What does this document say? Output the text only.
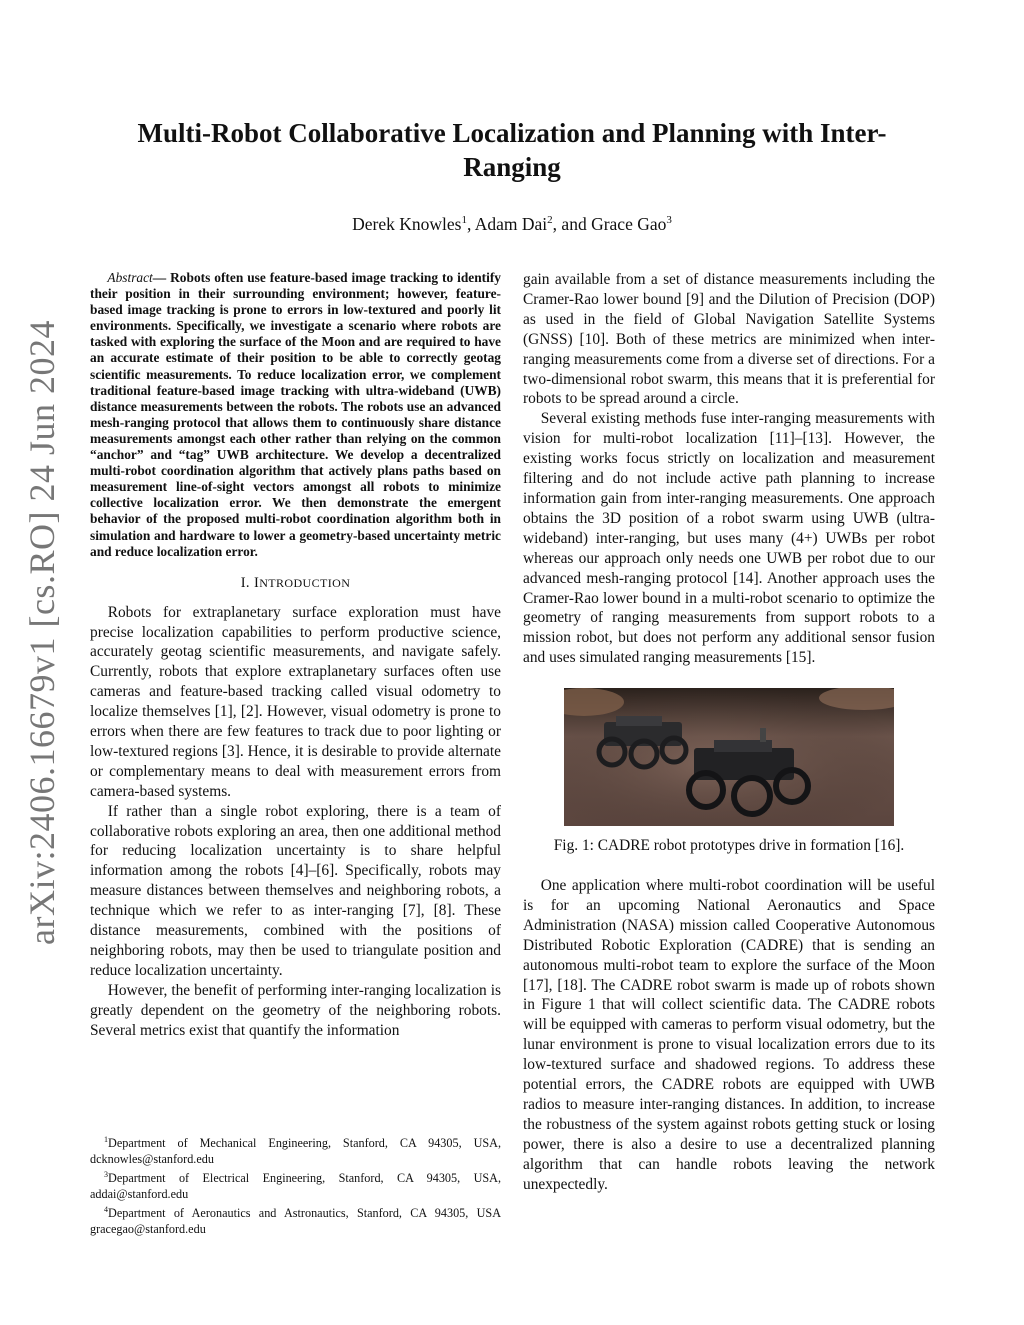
arXiv:2406.16679v1 [cs.RO] 24 Jun 2024
Multi-Robot Collaborative Localization and Planning with Inter-Ranging
Derek Knowles$^1$, Adam Dai$^2$, and Grace Gao$^3$

Abstract— Robots often use feature-based image tracking to identify their position in their surrounding environment; however, feature-based image tracking is prone to errors in low-textured and poorly lit environments. Specifically, we investigate a scenario where robots are tasked with exploring the surface of the Moon and are required to have an accurate estimate of their position to be able to correctly geotag scientific measurements. To reduce localization error, we complement traditional feature-based image tracking with ultra-wideband (UWB) distance measurements between the robots. The robots use an advanced mesh-ranging protocol that allows them to continuously share distance measurements amongst each other rather than relying on the common “anchor” and “tag” UWB architecture. We develop a decentralized multi-robot coordination algorithm that actively plans paths based on measurement line-of-sight vectors amongst all robots to minimize collective localization error. We then demonstrate the emergent behavior of the proposed multi-robot coordination algorithm both in simulation and hardware to lower a geometry-based uncertainty metric and reduce localization error.

I. INTRODUCTION

Robots for extraplanetary surface exploration must have precise localization capabilities to perform productive science, accurately geotag scientific measurements, and navigate safely. Currently, robots that explore extraplanetary surfaces often use cameras and feature-based tracking called visual odometry to localize themselves [1], [2]. However, visual odometry is prone to errors when there are few features to track due to poor lighting or low-textured regions [3]. Hence, it is desirable to provide alternate or complementary means to deal with measurement errors from camera-based systems.

If rather than a single robot exploring, there is a team of collaborative robots exploring an area, then one additional method for reducing localization uncertainty is to share helpful information among the robots [4]–[6]. Specifically, robots may measure distances between themselves and neighboring robots, a technique which we refer to as inter-ranging [7], [8]. These distance measurements, combined with the positions of neighboring robots, may then be used to triangulate position and reduce localization uncertainty.

However, the benefit of performing inter-ranging localization is greatly dependent on the geometry of the neighboring robots. Several metrics exist that quantify the information

$^1$Department of Mechanical Engineering, Stanford, CA 94305, USA, dcknowles@stanford.edu

$^3$Department of Electrical Engineering, Stanford, CA 94305, USA, addai@stanford.edu

$^4$Department of Aeronautics and Astronautics, Stanford, CA 94305, USA gracegao@stanford.edu

gain available from a set of distance measurements including the Cramer-Rao lower bound [9] and the Dilution of Precision (DOP) as used in the field of Global Navigation Satellite Systems (GNSS) [10]. Both of these metrics are minimized when inter-ranging measurements come from a diverse set of directions. For a two-dimensional robot swarm, this means that it is preferential for robots to be spread around a circle.

Several existing methods fuse inter-ranging measurements with vision for multi-robot localization [11]–[13]. However, the existing works focus strictly on localization and measurement filtering and do not include active path planning to increase information gain from inter-ranging measurements. One approach obtains the 3D position of a robot swarm using UWB (ultra-wideband) inter-ranging, but uses many (4+) UWBs per robot whereas our approach only needs one UWB per robot due to our advanced mesh-ranging protocol [14]. Another approach uses the Cramer-Rao lower bound in a multi-robot scenario to optimize the geometry of ranging measurements from support robots to a mission robot, but does not perform any additional sensor fusion and uses simulated ranging measurements [15].

Fig. 1: CADRE robot prototypes drive in formation [16].

One application where multi-robot coordination will be useful is for an upcoming National Aeronautics and Space Administration (NASA) mission called Cooperative Autonomous Distributed Robotic Exploration (CADRE) that is sending an autonomous multi-robot team to explore the surface of the Moon [17], [18]. The CADRE robot swarm is made up of robots shown in Figure 1 that will collect scientific data. The CADRE robots will be equipped with cameras to perform visual odometry, but the lunar environment is prone to visual localization errors due to its low-textured surface and shadowed regions. To address these potential errors, the CADRE robots are equipped with UWB radios to measure inter-ranging distances. In addition, to increase the robustness of the system against robots getting stuck or losing power, there is also a desire to use a decentralized planning algorithm that can handle robots leaving the network unexpectedly.
